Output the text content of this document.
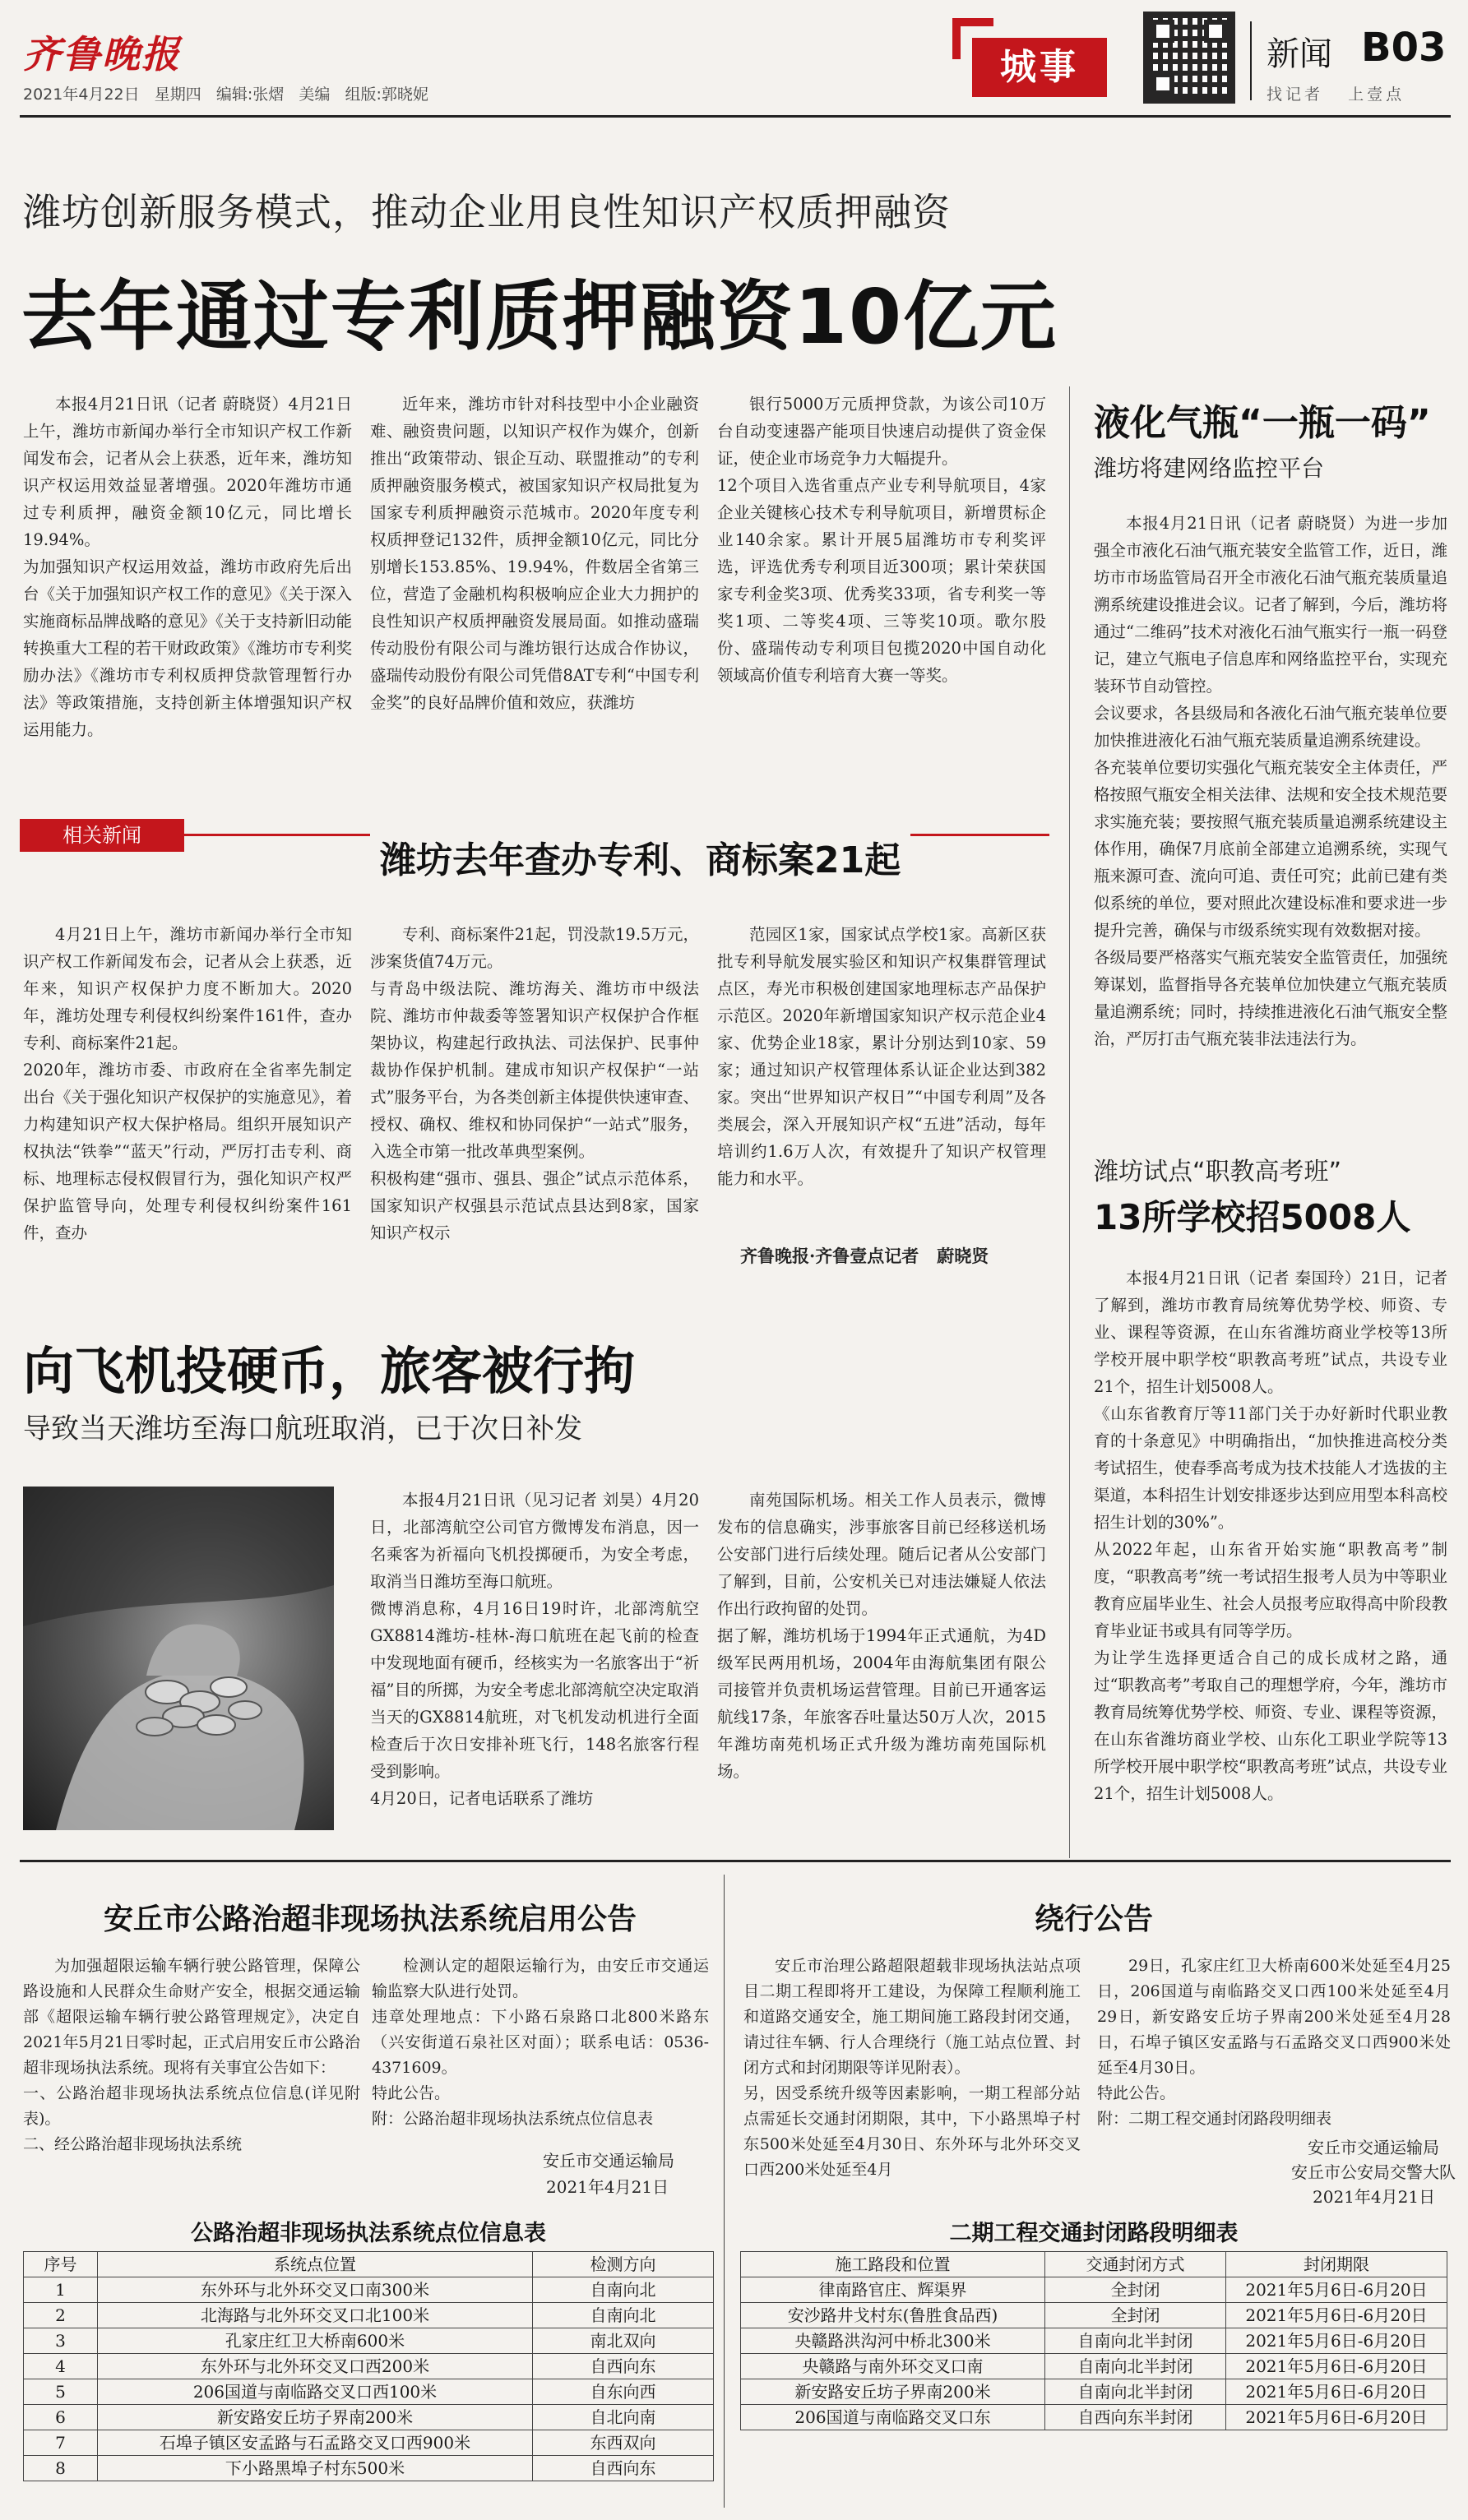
齐鲁晚报
2021年4月22日   星期四   编辑:张熠   美编   组版:郭晓妮
城事	新闻 B03
找记者   上壹点
潍坊创新服务模式，推动企业用良性知识产权质押融资
去年通过专利质押融资10亿元
本报4月21日讯（记者 蔚晓贤）4月21日上午，潍坊市新闻办举行全市知识产权工作新闻发布会，记者从会上获悉，近年来，潍坊知识产权运用效益显著增强。2020年潍坊市通过专利质押，融资金额10亿元，同比增长19.94%。
为加强知识产权运用效益，潍坊市政府先后出台《关于加强知识产权工作的意见》《关于深入实施商标品牌战略的意见》《关于支持新旧动能转换重大工程的若干财政政策》《潍坊市专利奖励办法》《潍坊市专利权质押贷款管理暂行办法》等政策措施，支持创新主体增强知识产权运用能力。
近年来，潍坊市针对科技型中小企业融资难、融资贵问题，以知识产权作为媒介，创新推出“政策带动、银企互动、联盟推动”的专利质押融资服务模式，被国家知识产权局批复为国家专利质押融资示范城市。2020年度专利权质押登记132件，质押金额10亿元，同比分别增长153.85%、19.94%，件数居全省第三位，营造了金融机构积极响应企业大力拥护的良性知识产权质押融资发展局面。如推动盛瑞传动股份有限公司与潍坊银行达成合作协议，盛瑞传动股份有限公司凭借8AT专利“中国专利金奖”的良好品牌价值和效应，获潍坊
银行5000万元质押贷款，为该公司10万台自动变速器产能项目快速启动提供了资金保证，使企业市场竞争力大幅提升。
12个项目入选省重点产业专利导航项目，4家企业关键核心技术专利导航项目，新增贯标企业140余家。累计开展5届潍坊市专利奖评选，评选优秀专利项目近300项；累计荣获国家专利金奖3项、优秀奖33项，省专利奖一等奖1项、二等奖4项、三等奖10项。歌尔股份、盛瑞传动专利项目包揽2020中国自动化领域高价值专利培育大赛一等奖。
液化气瓶“一瓶一码”
潍坊将建网络监控平台
本报4月21日讯（记者 蔚晓贤）为进一步加强全市液化石油气瓶充装安全监管工作，近日，潍坊市市场监管局召开全市液化石油气瓶充装质量追溯系统建设推进会议。记者了解到，今后，潍坊将通过“二维码”技术对液化石油气瓶实行一瓶一码登记，建立气瓶电子信息库和网络监控平台，实现充装环节自动管控。
会议要求，各县级局和各液化石油气瓶充装单位要加快推进液化石油气瓶充装质量追溯系统建设。
各充装单位要切实强化气瓶充装安全主体责任，严格按照气瓶安全相关法律、法规和安全技术规范要求实施充装；要按照气瓶充装质量追溯系统建设主体作用，确保7月底前全部建立追溯系统，实现气瓶来源可查、流向可追、责任可究；此前已建有类似系统的单位，要对照此次建设标准和要求进一步提升完善，确保与市级系统实现有效数据对接。
各级局要严格落实气瓶充装安全监管责任，加强统筹谋划，监督指导各充装单位加快建立气瓶充装质量追溯系统；同时，持续推进液化石油气瓶安全整治，严厉打击气瓶充装非法违法行为。
相关新闻
潍坊去年查办专利、商标案21起
4月21日上午，潍坊市新闻办举行全市知识产权工作新闻发布会，记者从会上获悉，近年来，知识产权保护力度不断加大。2020年，潍坊处理专利侵权纠纷案件161件，查办专利、商标案件21起。
2020年，潍坊市委、市政府在全省率先制定出台《关于强化知识产权保护的实施意见》，着力构建知识产权大保护格局。组织开展知识产权执法“铁拳”“蓝天”行动，严厉打击专利、商标、地理标志侵权假冒行为，强化知识产权严保护监管导向，处理专利侵权纠纷案件161件，查办
专利、商标案件21起，罚没款19.5万元，涉案货值74万元。
与青岛中级法院、潍坊海关、潍坊市中级法院、潍坊市仲裁委等签署知识产权保护合作框架协议，构建起行政执法、司法保护、民事仲裁协作保护机制。建成市知识产权保护“一站式”服务平台，为各类创新主体提供快速审查、授权、确权、维权和协同保护“一站式”服务，入选全市第一批改革典型案例。
积极构建“强市、强县、强企”试点示范体系，国家知识产权强县示范试点县达到8家，国家知识产权示
范园区1家，国家试点学校1家。高新区获批专利导航发展实验区和知识产权集群管理试点区，寿光市积极创建国家地理标志产品保护示范区。2020年新增国家知识产权示范企业4家、优势企业18家，累计分别达到10家、59家；通过知识产权管理体系认证企业达到382家。突出“世界知识产权日”“中国专利周”及各类展会，深入开展知识产权“五进”活动，每年培训约1.6万人次，有效提升了知识产权管理能力和水平。
齐鲁晚报·齐鲁壹点记者   蔚晓贤
潍坊试点“职教高考班”
13所学校招5008人
本报4月21日讯（记者 秦国玲）21日，记者了解到，潍坊市教育局统筹优势学校、师资、专业、课程等资源，在山东省潍坊商业学校等13所学校开展中职学校“职教高考班”试点，共设专业21个，招生计划5008人。
《山东省教育厅等11部门关于办好新时代职业教育的十条意见》中明确指出，“加快推进高校分类考试招生，使春季高考成为技术技能人才选拔的主渠道，本科招生计划安排逐步达到应用型本科高校招生计划的30%”。
从2022年起，山东省开始实施“职教高考”制度，“职教高考”统一考试招生报考人员为中等职业教育应届毕业生、社会人员报考应取得高中阶段教育毕业证书或具有同等学历。
为让学生选择更适合自己的成长成材之路，通过“职教高考”考取自己的理想学府，今年，潍坊市教育局统筹优势学校、师资、专业、课程等资源，在山东省潍坊商业学校、山东化工职业学院等13所学校开展中职学校“职教高考班”试点，共设专业21个，招生计划5008人。
向飞机投硬币，旅客被行拘
导致当天潍坊至海口航班取消，已于次日补发
本报4月21日讯（见习记者 刘昊）4月20日，北部湾航空公司官方微博发布消息，因一名乘客为祈福向飞机投掷硬币，为安全考虑，取消当日潍坊至海口航班。
微博消息称，4月16日19时许，北部湾航空GX8814潍坊-桂林-海口航班在起飞前的检查中发现地面有硬币，经核实为一名旅客出于“祈福”目的所掷，为安全考虑北部湾航空决定取消当天的GX8814航班，对飞机发动机进行全面检查后于次日安排补班飞行，148名旅客行程受到影响。
4月20日，记者电话联系了潍坊
南苑国际机场。相关工作人员表示，微博发布的信息确实，涉事旅客目前已经移送机场公安部门进行后续处理。随后记者从公安部门了解到，目前，公安机关已对违法嫌疑人依法作出行政拘留的处罚。
据了解，潍坊机场于1994年正式通航，为4D级军民两用机场，2004年由海航集团有限公司接管并负责机场运营管理。目前已开通客运航线17条，年旅客吞吐量达50万人次，2015年潍坊南苑机场正式升级为潍坊南苑国际机场。
安丘市公路治超非现场执法系统启用公告
为加强超限运输车辆行驶公路管理，保障公路设施和人民群众生命财产安全，根据交通运输部《超限运输车辆行驶公路管理规定》，决定自2021年5月21日零时起，正式启用安丘市公路治超非现场执法系统。现将有关事宜公告如下：
一、公路治超非现场执法系统点位信息(详见附表)。
二、经公路治超非现场执法系统
检测认定的超限运输行为，由安丘市交通运输监察大队进行处罚。
违章处理地点：下小路石泉路口北800米路东（兴安街道石泉社区对面）；联系电话：0536-4371609。
特此公告。
附：公路治超非现场执法系统点位信息表
安丘市交通运输局
2021年4月21日
公路治超非现场执法系统点位信息表
序号	系统点位置	检测方向
1	东外环与北外环交叉口南300米	自南向北
2	北海路与北外环交叉口北100米	自南向北
3	孔家庄红卫大桥南600米	南北双向
4	东外环与北外环交叉口西200米	自西向东
5	206国道与南临路交叉口西100米	自东向西
6	新安路安丘坊子界南200米	自北向南
7	石埠子镇区安孟路与石孟路交叉口西900米	东西双向
8	下小路黑埠子村东500米	自西向东
绕行公告
安丘市治理公路超限超载非现场执法站点项目二期工程即将开工建设，为保障工程顺利施工和道路交通安全，施工期间施工路段封闭交通，请过往车辆、行人合理绕行（施工站点位置、封闭方式和封闭期限等详见附表）。
另，因受系统升级等因素影响，一期工程部分站点需延长交通封闭期限，其中，下小路黑埠子村东500米处延至4月30日、东外环与北外环交叉口西200米处延至4月
29日，孔家庄红卫大桥南600米处延至4月25日，206国道与南临路交叉口西100米处延至4月29日，新安路安丘坊子界南200米处延至4月28日，石埠子镇区安孟路与石孟路交叉口西900米处延至4月30日。
特此公告。
附：二期工程交通封闭路段明细表
安丘市交通运输局
安丘市公安局交警大队
2021年4月21日
二期工程交通封闭路段明细表
施工路段和位置	交通封闭方式	封闭期限
律南路官庄、辉渠界	全封闭	2021年5月6日-6月20日
安沙路井戈村东(鲁胜食品西)	全封闭	2021年5月6日-6月20日
央赣路洪沟河中桥北300米	自南向北半封闭	2021年5月6日-6月20日
央赣路与南外环交叉口南	自南向北半封闭	2021年5月6日-6月20日
新安路安丘坊子界南200米	自南向北半封闭	2021年5月6日-6月20日
206国道与南临路交叉口东	自西向东半封闭	2021年5月6日-6月20日
